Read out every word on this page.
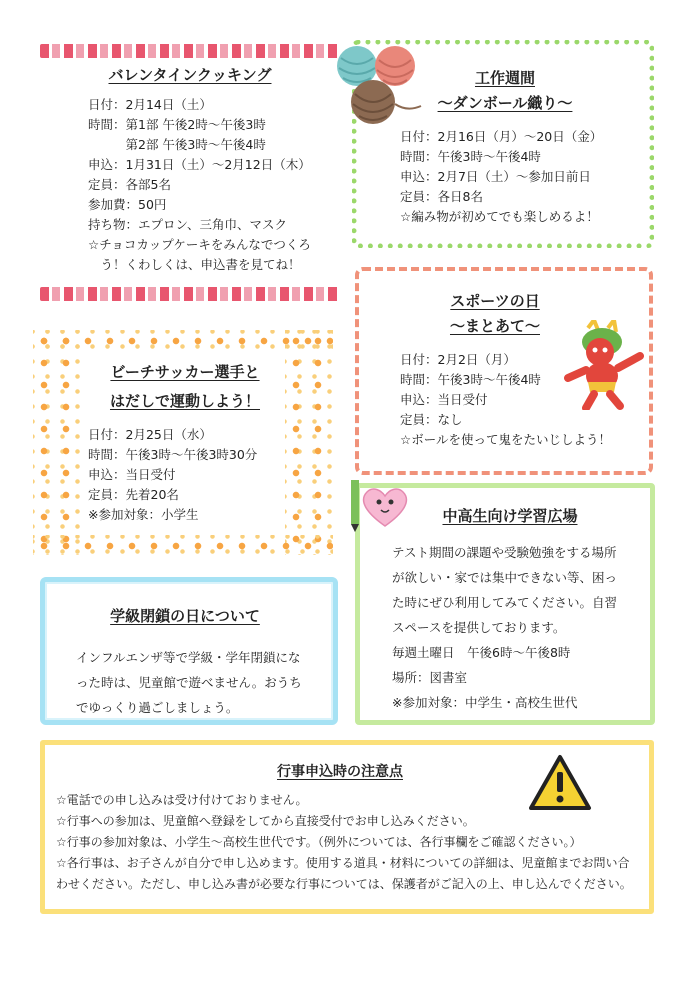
バレンタインクッキング
日付：2月14日（土）
時間：第1部 午後2時～午後3時
　　　第2部 午後3時～午後4時
申込：1月31日（土）～2月12日（木）
定員：各部5名
参加費：50円
持ち物：エプロン、三角巾、マスク
☆チョコカップケーキをみんなでつくろ
　う！くわしくは、申込書を見てね！
工作週間
～ダンボール織り～
日付：2月16日（月）～20日（金）
時間：午後3時～午後4時
申込：2月7日（土）～参加日前日
定員：各日8名
☆編み物が初めてでも楽しめるよ！
スポーツの日
～まとあて～
日付：2月2日（月）
時間：午後3時～午後4時
申込：当日受付
定員：なし
☆ボールを使って鬼をたいじしよう！
ビーチサッカー選手と
はだしで運動しよう！
日付：2月25日（水）
時間：午後3時～午後3時30分
申込：当日受付
定員：先着20名
※参加対象：小学生
学級閉鎖の日について
インフルエンザ等で学級・学年閉鎖にな
った時は、児童館で遊べません。おうち
でゆっくり過ごしましょう。
中高生向け学習広場
テスト期間の課題や受験勉強をする場所
が欲しい・家では集中できない等、困っ
た時にぜひ利用してみてください。自習
スペースを提供しております。
毎週土曜日　午後6時～午後8時
場所：図書室
※参加対象：中学生・高校生世代
行事申込時の注意点
☆電話での申し込みは受け付けておりません。
☆行事への参加は、児童館へ登録をしてから直接受付でお申し込みください。
☆行事の参加対象は、小学生～高校生世代です。（例外については、各行事欄をご確認ください。）
☆各行事は、お子さんが自分で申し込めます。使用する道具・材料についての詳細は、児童館までお問い合
わせください。ただし、申し込み書が必要な行事については、保護者がご記入の上、申し込んでください。
